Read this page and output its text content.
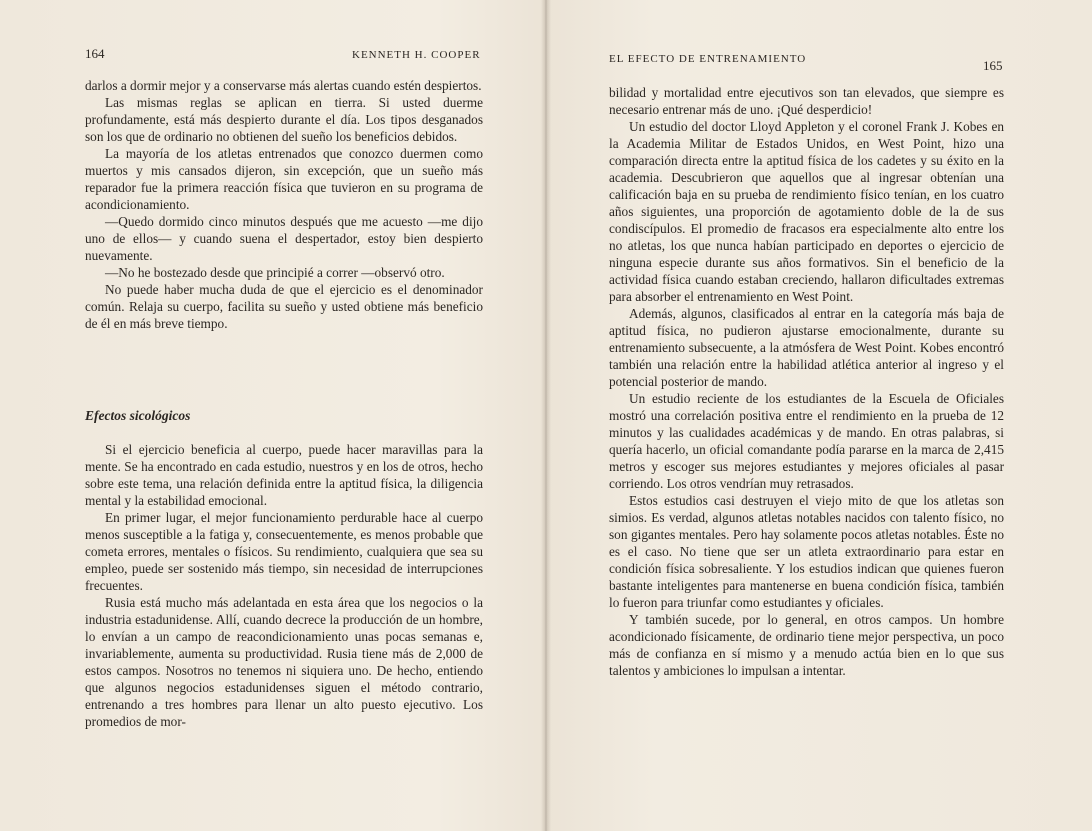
164	KENNETH H. COOPER

darlos a dormir mejor y a conservarse más alertas cuando estén despiertos.

Las mismas reglas se aplican en tierra. Si usted duerme profundamente, está más despierto durante el día. Los tipos desganados son los que de ordinario no obtienen del sueño los beneficios debidos.

La mayoría de los atletas entrenados que conozco duermen como muertos y mis cansados dijeron, sin excepción, que un sueño más reparador fue la primera reacción física que tuvieron en su programa de acondicionamiento.

—Quedo dormido cinco minutos después que me acuesto —me dijo uno de ellos— y cuando suena el despertador, estoy bien despierto nuevamente.

—No he bostezado desde que principié a correr —observó otro.

No puede haber mucha duda de que el ejercicio es el denominador común. Relaja su cuerpo, facilita su sueño y usted obtiene más beneficio de él en más breve tiempo.

Efectos sicológicos

Si el ejercicio beneficia al cuerpo, puede hacer maravillas para la mente. Se ha encontrado en cada estudio, nuestros y en los de otros, hecho sobre este tema, una relación definida entre la aptitud física, la diligencia mental y la estabilidad emocional.

En primer lugar, el mejor funcionamiento perdurable hace al cuerpo menos susceptible a la fatiga y, consecuentemente, es menos probable que cometa errores, mentales o físicos. Su rendimiento, cualquiera que sea su empleo, puede ser sostenido más tiempo, sin necesidad de interrupciones frecuentes.

Rusia está mucho más adelantada en esta área que los negocios o la industria estadunidense. Allí, cuando decrece la producción de un hombre, lo envían a un campo de reacondicionamiento unas pocas semanas e, invariablemente, aumenta su productividad. Rusia tiene más de 2,000 de estos campos. Nosotros no tenemos ni siquiera uno. De hecho, entiendo que algunos negocios estadunidenses siguen el método contrario, entrenando a tres hombres para llenar un alto puesto ejecutivo. Los promedios de mor-

EL EFECTO DE ENTRENAMIENTO	165

bilidad y mortalidad entre ejecutivos son tan elevados, que siempre es necesario entrenar más de uno. ¡Qué desperdicio!

Un estudio del doctor Lloyd Appleton y el coronel Frank J. Kobes en la Academia Militar de Estados Unidos, en West Point, hizo una comparación directa entre la aptitud física de los cadetes y su éxito en la academia. Descubrieron que aquellos que al ingresar obtenían una calificación baja en su prueba de rendimiento físico tenían, en los cuatro años siguientes, una proporción de agotamiento doble de la de sus condiscípulos. El promedio de fracasos era especialmente alto entre los no atletas, los que nunca habían participado en deportes o ejercicio de ninguna especie durante sus años formativos. Sin el beneficio de la actividad física cuando estaban creciendo, hallaron dificultades extremas para absorber el entrenamiento en West Point.

Además, algunos, clasificados al entrar en la categoría más baja de aptitud física, no pudieron ajustarse emocionalmente, durante su entrenamiento subsecuente, a la atmósfera de West Point. Kobes encontró también una relación entre la habilidad atlética anterior al ingreso y el potencial posterior de mando.

Un estudio reciente de los estudiantes de la Escuela de Oficiales mostró una correlación positiva entre el rendimiento en la prueba de 12 minutos y las cualidades académicas y de mando. En otras palabras, si quería hacerlo, un oficial comandante podía pararse en la marca de 2,415 metros y escoger sus mejores estudiantes y mejores oficiales al pasar corriendo. Los otros vendrían muy retrasados.

Estos estudios casi destruyen el viejo mito de que los atletas son simios. Es verdad, algunos atletas notables nacidos con talento físico, no son gigantes mentales. Pero hay solamente pocos atletas notables. Éste no es el caso. No tiene que ser un atleta extraordinario para estar en condición física sobresaliente. Y los estudios indican que quienes fueron bastante inteligentes para mantenerse en buena condición física, también lo fueron para triunfar como estudiantes y oficiales.

Y también sucede, por lo general, en otros campos. Un hombre acondicionado físicamente, de ordinario tiene mejor perspectiva, un poco más de confianza en sí mismo y a menudo actúa bien en lo que sus talentos y ambiciones lo impulsan a intentar.
